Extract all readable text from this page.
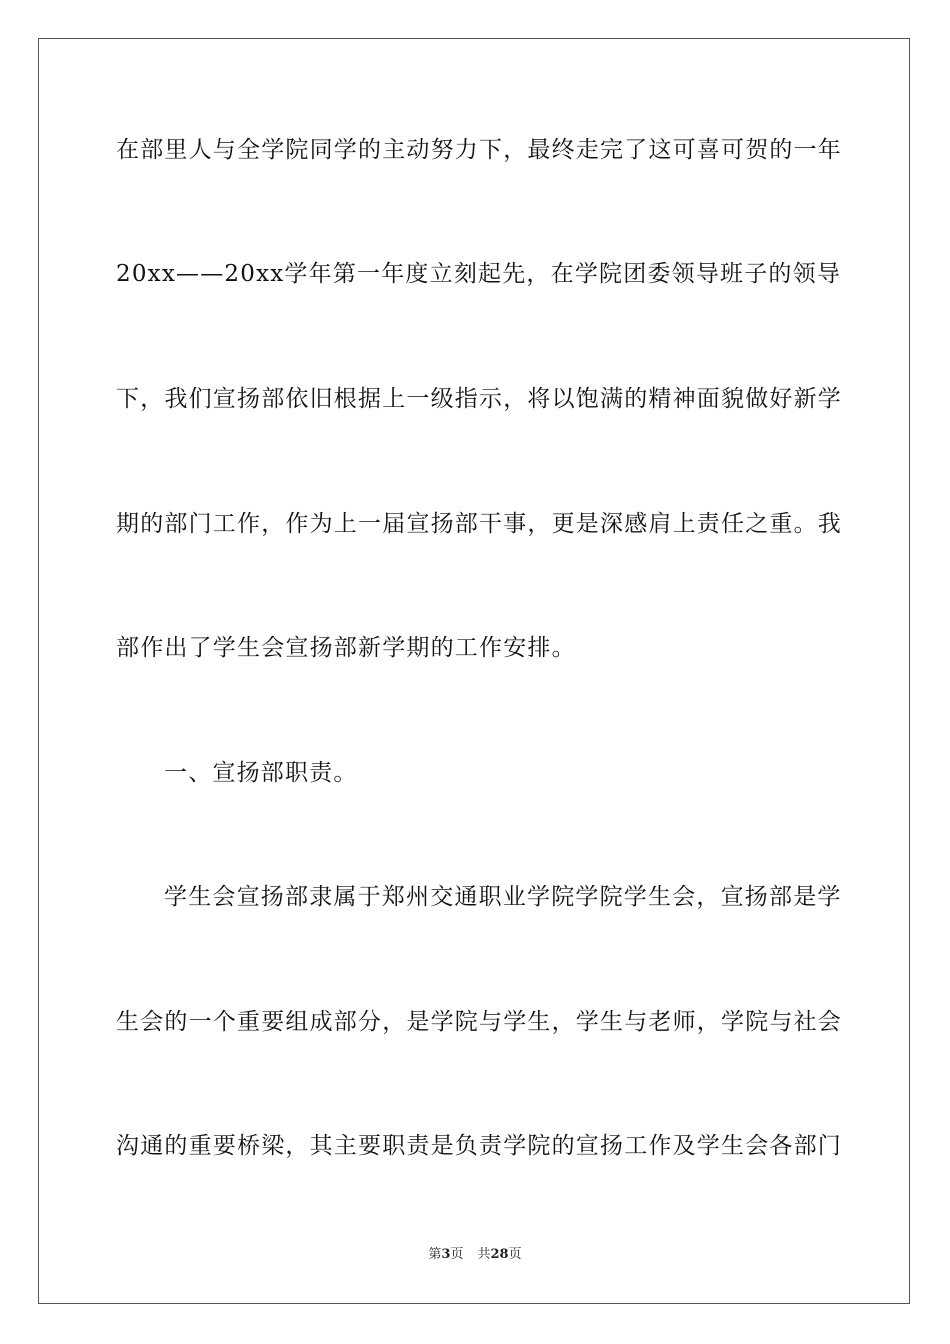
在部里人与全学院同学的主动努力下，最终走完了这可喜可贺的一年
20xx——20xx学年第一年度立刻起先，在学院团委领导班子的领导
下，我们宣扬部依旧根据上一级指示，将以饱满的精神面貌做好新学
期的部门工作，作为上一届宣扬部干事，更是深感肩上责任之重。我
部作出了学生会宣扬部新学期的工作安排。
一、宣扬部职责。
学生会宣扬部隶属于郑州交通职业学院学院学生会，宣扬部是学
生会的一个重要组成部分，是学院与学生，学生与老师，学院与社会
沟通的重要桥梁，其主要职责是负责学院的宣扬工作及学生会各部门
第3页 共28页
